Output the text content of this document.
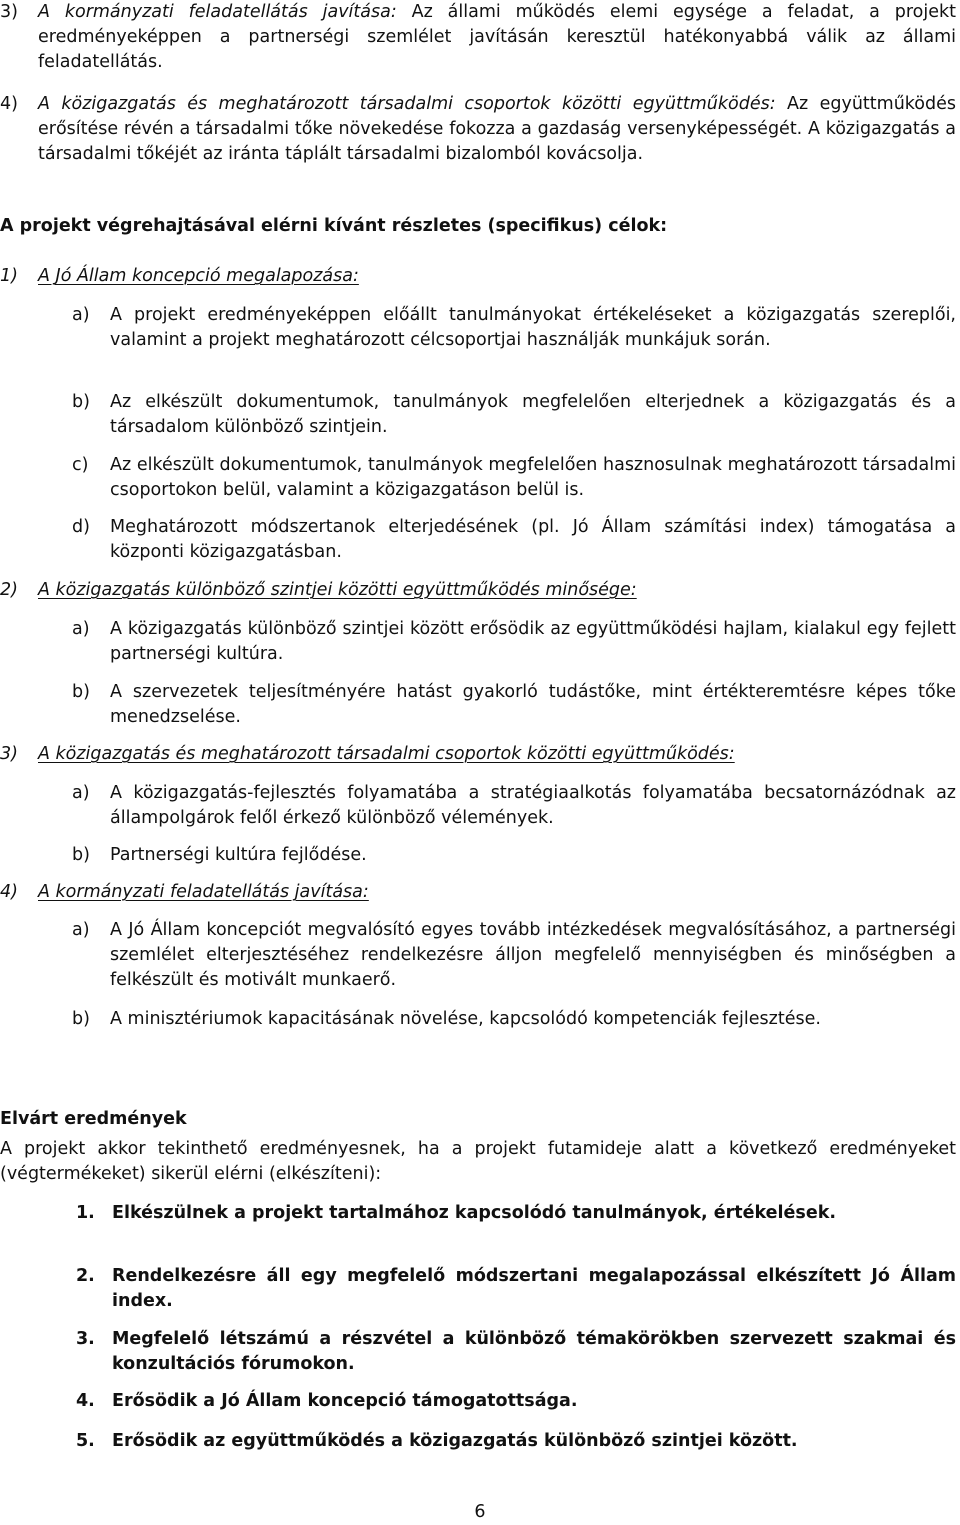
3) A kormányzati feladatellátás javítása: Az állami működés elemi egysége a feladat, a projekt eredményeképpen a partnerségi szemlélet javításán keresztül hatékonyabbá válik az állami feladatellátás.

4) A közigazgatás és meghatározott társadalmi csoportok közötti együttműködés: Az együttműködés erősítése révén a társadalmi tőke növekedése fokozza a gazdaság versenyképességét. A közigazgatás a társadalmi tőkéjét az iránta táplált társadalmi bizalomból kovácsolja.

A projekt végrehajtásával elérni kívánt részletes (specifikus) célok:

1) A Jó Állam koncepció megalapozása:

a) A projekt eredményeképpen előállt tanulmányokat értékeléseket a közigazgatás szereplői, valamint a projekt meghatározott célcsoportjai használják munkájuk során.

b) Az elkészült dokumentumok, tanulmányok megfelelően elterjednek a közigazgatás és a társadalom különböző szintjein.

c) Az elkészült dokumentumok, tanulmányok megfelelően hasznosulnak meghatározott társadalmi csoportokon belül, valamint a közigazgatáson belül is.

d) Meghatározott módszertanok elterjedésének (pl. Jó Állam számítási index) támogatása a központi közigazgatásban.

2) A közigazgatás különböző szintjei közötti együttműködés minősége:

a) A közigazgatás különböző szintjei között erősödik az együttműködési hajlam, kialakul egy fejlett partnerségi kultúra.

b) A szervezetek teljesítményére hatást gyakorló tudástőke, mint értékteremtésre képes tőke menedzselése.

3) A közigazgatás és meghatározott társadalmi csoportok közötti együttműködés:

a) A közigazgatás-fejlesztés folyamatába a stratégiaalkotás folyamatába becsatornázódnak az állampolgárok felől érkező különböző vélemények.

b) Partnerségi kultúra fejlődése.

4) A kormányzati feladatellátás javítása:

a) A Jó Állam koncepciót megvalósító egyes tovább intézkedések megvalósításához, a partnerségi szemlélet elterjesztéséhez rendelkezésre álljon megfelelő mennyiségben és minőségben a felkészült és motivált munkaerő.

b) A minisztériumok kapacitásának növelése, kapcsolódó kompetenciák fejlesztése.

Elvárt eredmények

A projekt akkor tekinthető eredményesnek, ha a projekt futamideje alatt a következő eredményeket (végtermékeket) sikerül elérni (elkészíteni):

1. Elkészülnek a projekt tartalmához kapcsolódó tanulmányok, értékelések.

2. Rendelkezésre áll egy megfelelő módszertani megalapozással elkészített Jó Állam index.

3. Megfelelő létszámú a részvétel a különböző témakörökben szervezett szakmai és konzultációs fórumokon.

4. Erősödik a Jó Állam koncepció támogatottsága.

5. Erősödik az együttműködés a közigazgatás különböző szintjei között.

6
